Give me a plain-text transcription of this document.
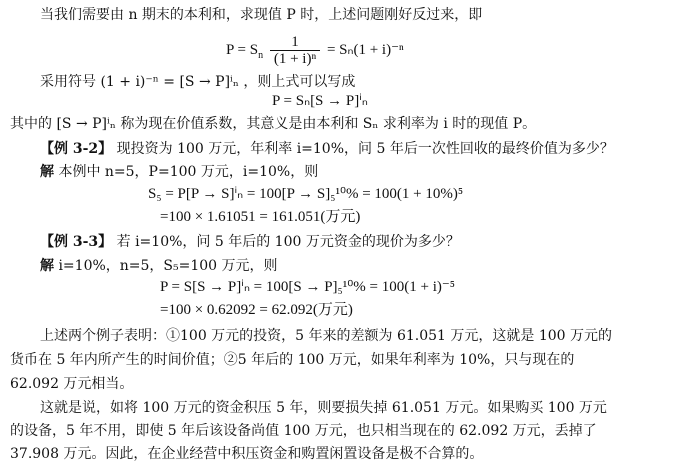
当我们需要由 n 期末的本利和，求现值 P 时，上述问题刚好反过来，即
$P = S_n \frac{1}{\text{(1 + i)ⁿ}} = S_n(1 + i)^{-n}$
采用符号 (1 + i)⁻ⁿ = [S → P]ⁱₙ ，则上式可以写成
P = Sₙ[S → P]ⁱₙ
其中的 [S → P]ⁱₙ 称为现在价值系数，其意义是由本利和 Sₙ 求利率为 i 时的现值 P。
【例 3-2】 现投资为 100 万元，年利率 i=10%，问 5 年后一次性回收的最终价值为多少？
解 本例中 n=5，P=100 万元，i=10%，则
S₅ = P[P → S]ⁱₙ = 100[P → S]₅¹⁰% = 100(1 + 10%)⁵
=100 × 1.61051 = 161.051(万元)
【例 3-3】 若 i=10%，问 5 年后的 100 万元资金的现价为多少？
解 i=10%，n=5，S₅=100 万元，则
P = S[S → P]ⁱₙ = 100[S → P]₅¹⁰% = 100(1 + i)⁻⁵
=100 × 0.62092 = 62.092(万元)
上述两个例子表明：①100 万元的投资，5 年来的差额为 61.051 万元，这就是 100 万元的
货币在 5 年内所产生的时间价值；②5 年后的 100 万元，如果年利率为 10%，只与现在的
62.092 万元相当。
这就是说，如将 100 万元的资金积压 5 年，则要损失掉 61.051 万元。如果购买 100 万元
的设备，5 年不用，即使 5 年后该设备尚值 100 万元，也只相当现在的 62.092 万元，丢掉了
37.908 万元。因此，在企业经营中积压资金和购置闲置设备是极不合算的。
